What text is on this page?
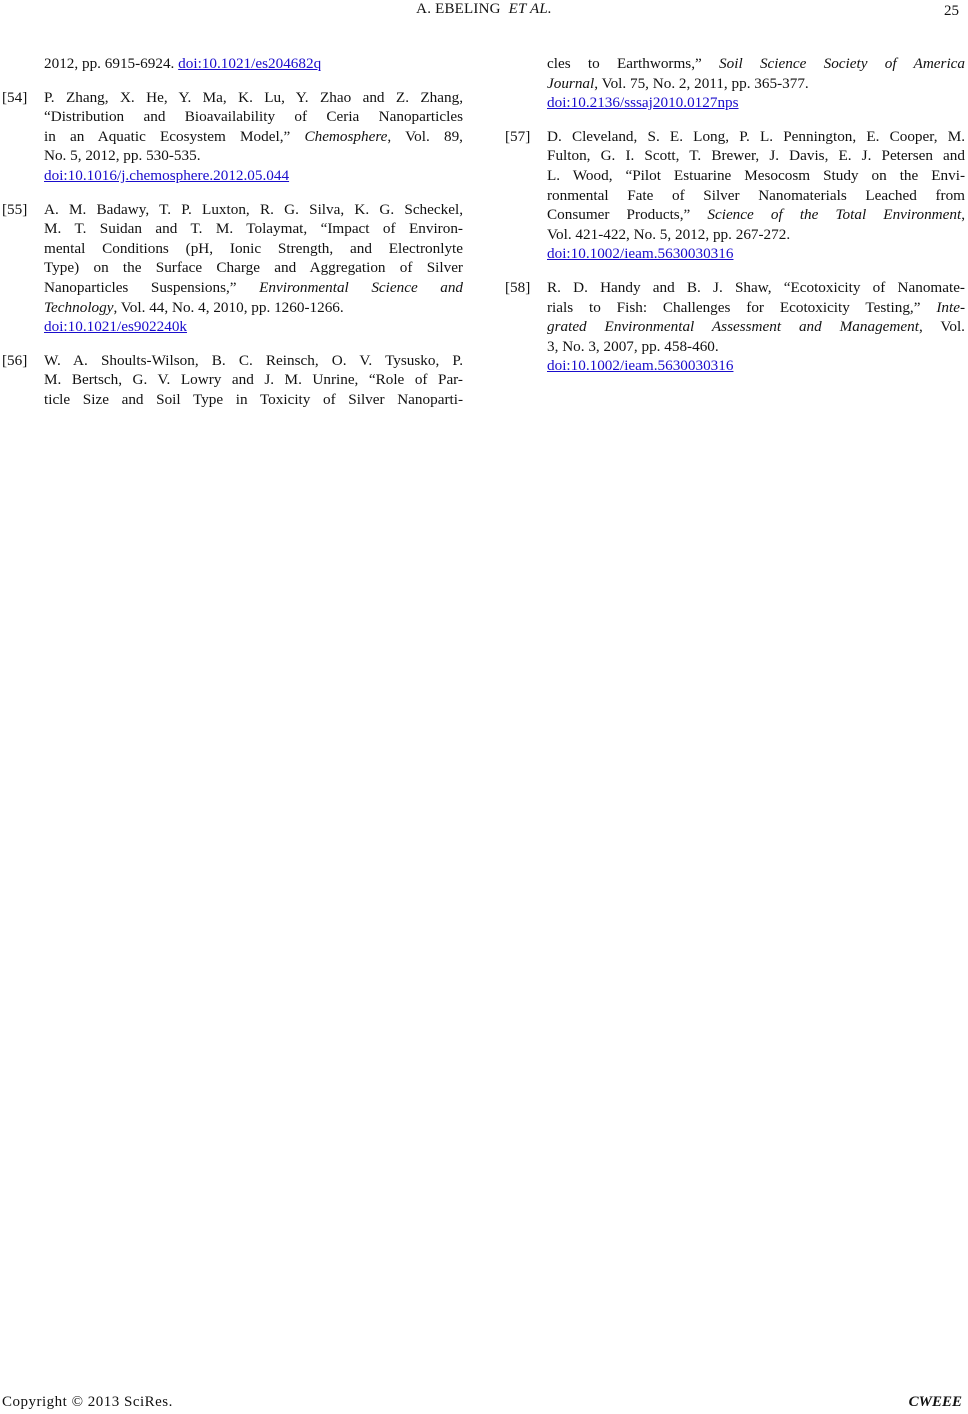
A. EBELING ET AL.	25
2012, pp. 6915-6924. doi:10.1021/es204682q
[54] P. Zhang, X. He, Y. Ma, K. Lu, Y. Zhao and Z. Zhang,
“Distribution and Bioavailability of Ceria Nanoparticles
in an Aquatic Ecosystem Model,” Chemosphere, Vol. 89,
No. 5, 2012, pp. 530-535.
doi:10.1016/j.chemosphere.2012.05.044
[55] A. M. Badawy, T. P. Luxton, R. G. Silva, K. G. Scheckel,
M. T. Suidan and T. M. Tolaymat, “Impact of Environ-
mental Conditions (pH, Ionic Strength, and Electronlyte
Type) on the Surface Charge and Aggregation of Silver
Nanoparticles Suspensions,” Environmental Science and
Technology, Vol. 44, No. 4, 2010, pp. 1260-1266.
doi:10.1021/es902240k
[56] W. A. Shoults-Wilson, B. C. Reinsch, O. V. Tysusko, P.
M. Bertsch, G. V. Lowry and J. M. Unrine, “Role of Par-
ticle Size and Soil Type in Toxicity of Silver Nanoparti-
cles to Earthworms,” Soil Science Society of America
Journal, Vol. 75, No. 2, 2011, pp. 365-377.
doi:10.2136/sssaj2010.0127nps
[57] D. Cleveland, S. E. Long, P. L. Pennington, E. Cooper, M.
Fulton, G. I. Scott, T. Brewer, J. Davis, E. J. Petersen and
L. Wood, “Pilot Estuarine Mesocosm Study on the Envi-
ronmental Fate of Silver Nanomaterials Leached from
Consumer Products,” Science of the Total Environment,
Vol. 421-422, No. 5, 2012, pp. 267-272.
doi:10.1002/ieam.5630030316
[58] R. D. Handy and B. J. Shaw, “Ecotoxicity of Nanomate-
rials to Fish: Challenges for Ecotoxicity Testing,” Inte-
grated Environmental Assessment and Management, Vol.
3, No. 3, 2007, pp. 458-460.
doi:10.1002/ieam.5630030316
Copyright © 2013 SciRes.	CWEEE
